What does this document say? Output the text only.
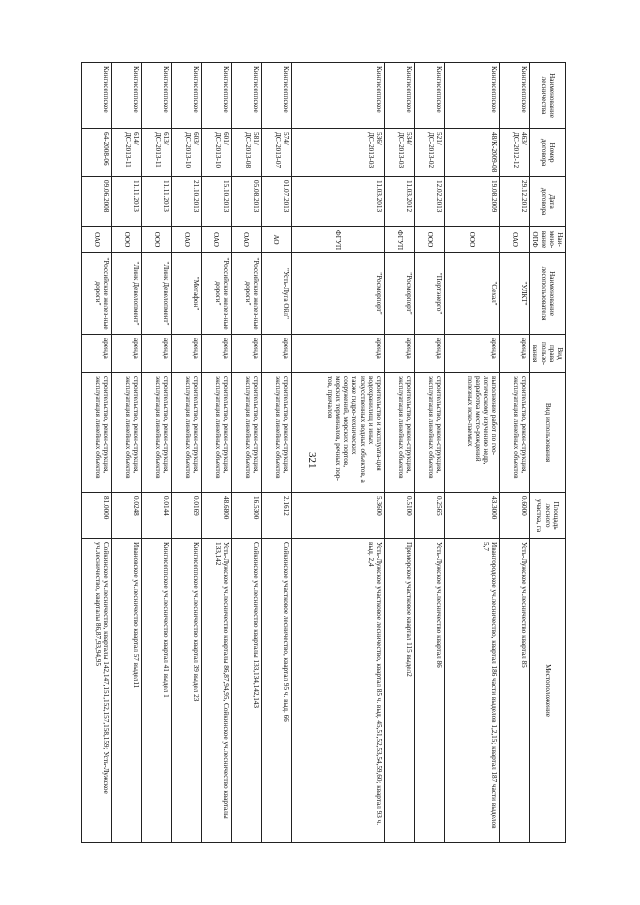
Наименование лесничества	Номер договора	Дата договора	Наи-мено-вание ОПФ	Наименование лесопользователя	Вид права пользо-вания	Вид использования	Площадь лесного участка, га	Местоположение
Кингисеппское	463/ДС-2012-12	29.12.2012	ОАО	"УЛКТ"	аренда	строительство, рекон-струкция, эксплуатация линейных объектов	0.6000	Усть-Лужское уч.лесничество квартал 85
Кингисеппское	48/К-2009-08	19.08.2009	ООО	"Сехал"	аренда	выполнение работ по гео-логическому изучению недр, разработка место-рождений полезных иско-паемых	43.3000	Ивангородское уч.лесничество, квартал 186 части выделов 1,2,15; квартал 187 части выделов 5,7
Кингисеппское	521/ДС-2013-02	12.02.2013	ООО	"Портэнерго"	аренда	строительство, рекон-струкция, эксплуатация линейных объектов	0.2565	Усть-Лужское уч.лесничество квартал 86
Кингисеппское	534/ДС-2013-03	11.03.2012	ФГУП	"Росморпорт"	аренда	строительство, рекон-струкция, эксплуатация линейных объектов	0.5100	Приморское участковое квартал 115 выдел2
Кингисеппское	536/ДС-2013-03	11.03.2013	ФГУП	"Росморпорт"	аренда	строительство и эксплуата-ция водохранилищ и иных искусственных водных объектов, а также гидро-технических сооружений, морских портов, морских терминалов, речных пор-тов, причалов	5.3600	Усть-Лужское участковое лесничество, квартал 85 ч. выд. 45,51,52,53,54,59,60; квартал 93 ч. выд. 2,4
Кингисеппское	574/ДС-2013-07	01.07.2013	АО	"Усть-Луга Ойл"	аренда	строительство, рекон-струкция, эксплуатация линейных объектов	2.1612	Сойкинское участковое лесничество, квартал 95 ч. выд. 66
Кингисеппское	581/ДС-2013-08	05.08.2013	ОАО	"Российские желез-ные дороги"	аренда	строительство, рекон-струкция, эксплуатация линейных объектов	16.5300	Сойкинское уч.лесничество кварталы 133,134,142,143
Кингисеппское	601/ДС-2013-10	15.10.2013	ОАО	"Российские желез-ные дороги"	аренда	строительство, рекон-струкция, эксплуатация линейных объектов	48.6800	Усть-Лужское уч.лесничество кварталы 86,87,94,95, Сойкинское уч.лесничество кварталы 133,142
Кингисеппское	603/ДС-2013-10	21.10.2013	ОАО	"Мегафон"	аренда	строительство, рекон-струкция, эксплуатация линейных объектов	0.0169	Кингисеппское уч.лесничество квартал 39 выдел 23
Кингисеппское	613/ДС-2013-11	11.11.2013	ООО	"Линк Девелопмент"	аренда	строительство, рекон-струкция, эксплуатация линейных объектов	0.0144	Кингисеппское уч.лесничество квартал 41 выдел 1
Кингисеппское	614/ДС-2013-11	11.11.2013	ООО	"Линк Девелопмент"	аренда	строительство, рекон-струкция, эксплуатация линейных объектов	0.0248	Ивановское уч.лесничество квартал 57 выдел11
Кингисеппское	64-2008-06	09.06.2008	ОАО	"Российские желез-ные дороги"	аренда	строительство, рекон-струкция, эксплуатация линейных объектов	81.0000	Сойкинское уч.лесничество, кварталы 142,147,151,152,157,158,159; Усть-Лужское уч.лесничество, кварталы 86,87,93,94,95
321
